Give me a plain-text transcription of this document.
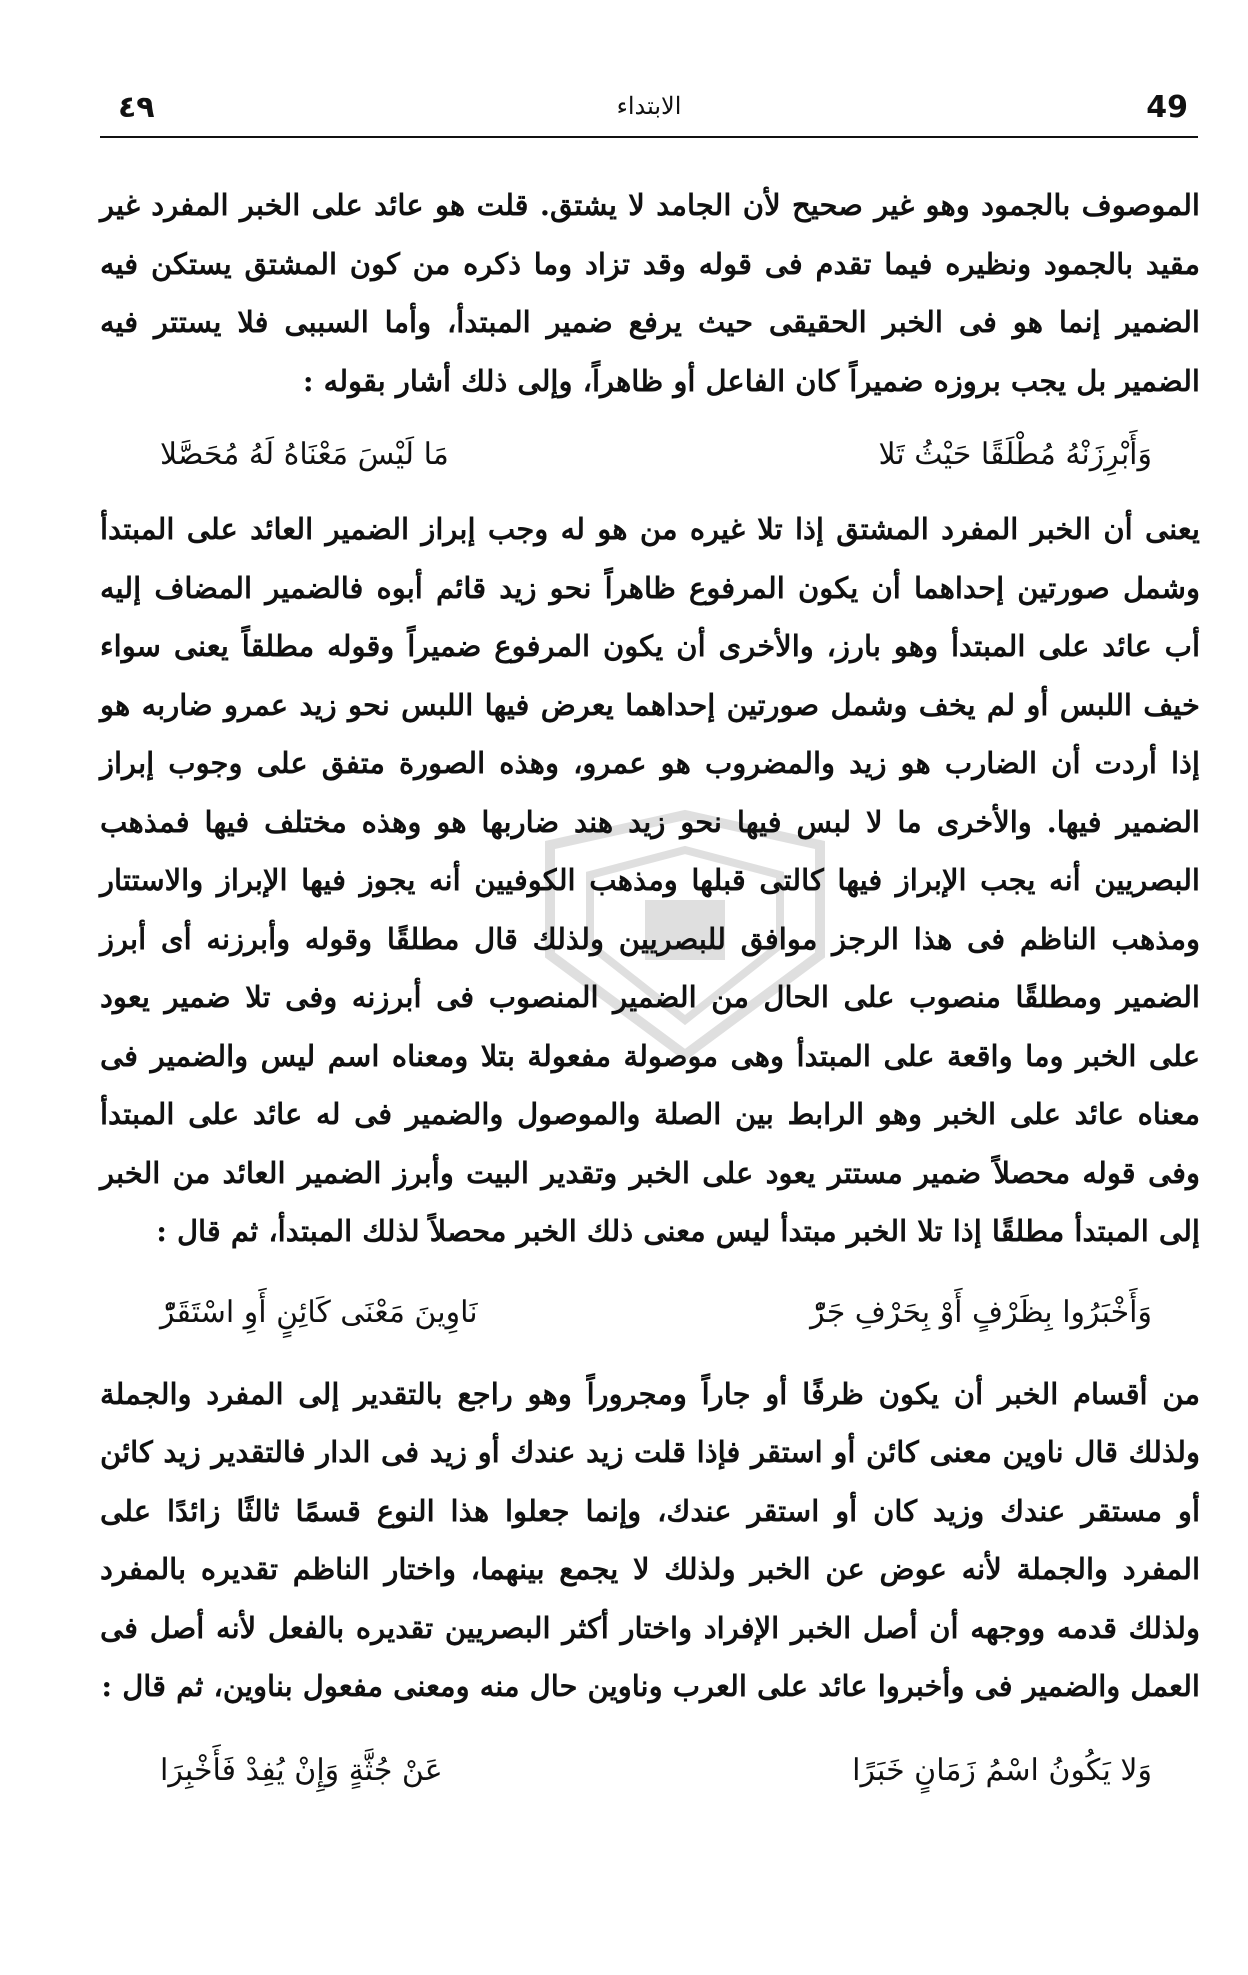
٤٩	الابتداء	49

الموصوف بالجمود وهو غير صحيح لأن الجامد لا يشتق. قلت هو عائد على الخبر المفرد غير مقيد بالجمود ونظيره فيما تقدم فى قوله وقد تزاد وما ذكره من كون المشتق يستكن فيه الضمير إنما هو فى الخبر الحقيقى حيث يرفع ضمير المبتدأ، وأما السببى فلا يستتر فيه الضمير بل يجب بروزه ضميراً كان الفاعل أو ظاهراً، وإلى ذلك أشار بقوله :

وَأَبْرِزَنْهُ مُطْلَقًا حَيْثُ تَلا
مَا لَيْسَ مَعْنَاهُ لَهُ مُحَصَّلا

يعنى أن الخبر المفرد المشتق إذا تلا غيره من هو له وجب إبراز الضمير العائد على المبتدأ وشمل صورتين إحداهما أن يكون المرفوع ظاهراً نحو زيد قائم أبوه فالضمير المضاف إليه أب عائد على المبتدأ وهو بارز، والأخرى أن يكون المرفوع ضميراً وقوله مطلقاً يعنى سواء خيف اللبس أو لم يخف وشمل صورتين إحداهما يعرض فيها اللبس نحو زيد عمرو ضاربه هو إذا أردت أن الضارب هو زيد والمضروب هو عمرو، وهذه الصورة متفق على وجوب إبراز الضمير فيها. والأخرى ما لا لبس فيها نحو زيد هند ضاربها هو وهذه مختلف فيها فمذهب البصريين أنه يجب الإبراز فيها كالتى قبلها ومذهب الكوفيين أنه يجوز فيها الإبراز والاستتار ومذهب الناظم فى هذا الرجز موافق للبصريين ولذلك قال مطلقًا وقوله وأبرزنه أى أبرز الضمير ومطلقًا منصوب على الحال من الضمير المنصوب فى أبرزنه وفى تلا ضمير يعود على الخبر وما واقعة على المبتدأ وهى موصولة مفعولة بتلا ومعناه اسم ليس والضمير فى معناه عائد على الخبر وهو الرابط بين الصلة والموصول والضمير فى له عائد على المبتدأ وفى قوله محصلاً ضمير مستتر يعود على الخبر وتقدير البيت وأبرز الضمير العائد من الخبر إلى المبتدأ مطلقًا إذا تلا الخبر مبتدأ ليس معنى ذلك الخبر محصلاً لذلك المبتدأ، ثم قال :

وَأَخْبَرُوا بِظَرْفٍ أَوْ بِحَرْفِ جَرّْ
نَاوِينَ مَعْنَى كَائِنٍ أَوِ اسْتَقَرّْ

من أقسام الخبر أن يكون ظرفًا أو جاراً ومجروراً وهو راجع بالتقدير إلى المفرد والجملة ولذلك قال ناوين معنى كائن أو استقر فإذا قلت زيد عندك أو زيد فى الدار فالتقدير زيد كائن أو مستقر عندك وزيد كان أو استقر عندك، وإنما جعلوا هذا النوع قسمًا ثالثًا زائدًا على المفرد والجملة لأنه عوض عن الخبر ولذلك لا يجمع بينهما، واختار الناظم تقديره بالمفرد ولذلك قدمه ووجهه أن أصل الخبر الإفراد واختار أكثر البصريين تقديره بالفعل لأنه أصل فى العمل والضمير فى وأخبروا عائد على العرب وناوين حال منه ومعنى مفعول بناوين، ثم قال :

وَلا يَكُونُ اسْمُ زَمَانٍ خَبَرًا
عَنْ جُثَّةٍ وَإِنْ يُفِدْ فَأَخْبِرَا
